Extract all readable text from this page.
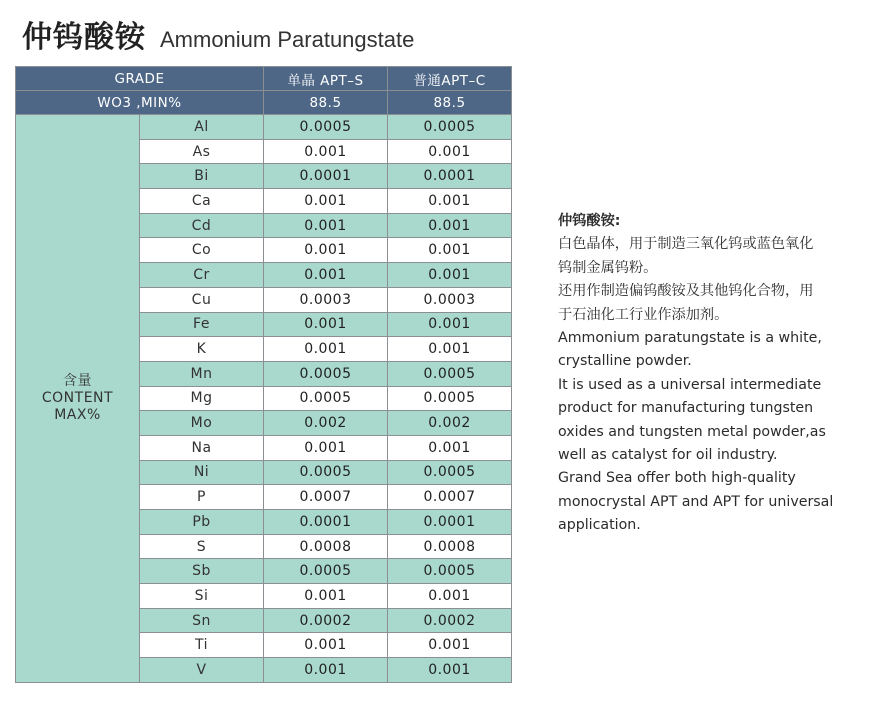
仲钨酸铵 Ammonium Paratungstate
GRADE		单晶 APT–S	普通APT–C
WO3 ,MIN%		88.5	88.5

含量
CONTENT
MAX%	Al	0.0005	0.0005
	As	0.001	0.001
	Bi	0.0001	0.0001
	Ca	0.001	0.001
	Cd	0.001	0.001
	Co	0.001	0.001
	Cr	0.001	0.001
	Cu	0.0003	0.0003
	Fe	0.001	0.001
	K	0.001	0.001
	Mn	0.0005	0.0005
	Mg	0.0005	0.0005
	Mo	0.002	0.002
	Na	0.001	0.001
	Ni	0.0005	0.0005
	P	0.0007	0.0007
	Pb	0.0001	0.0001
	S	0.0008	0.0008
	Sb	0.0005	0.0005
	Si	0.001	0.001
	Sn	0.0002	0.0002
	Ti	0.001	0.001
	V	0.001	0.001
仲钨酸铵:
白色晶体，用于制造三氧化钨或蓝色氧化
钨制金属钨粉。
还用作制造偏钨酸铵及其他钨化合物，用
于石油化工行业作添加剂。
Ammonium paratungstate is a white,
crystalline powder.
It is used as a universal intermediate
product for manufacturing tungsten
oxides and tungsten metal powder,as
well as catalyst for oil industry.
Grand Sea offer both high-quality
monocrystal APT and APT for universal
application.
